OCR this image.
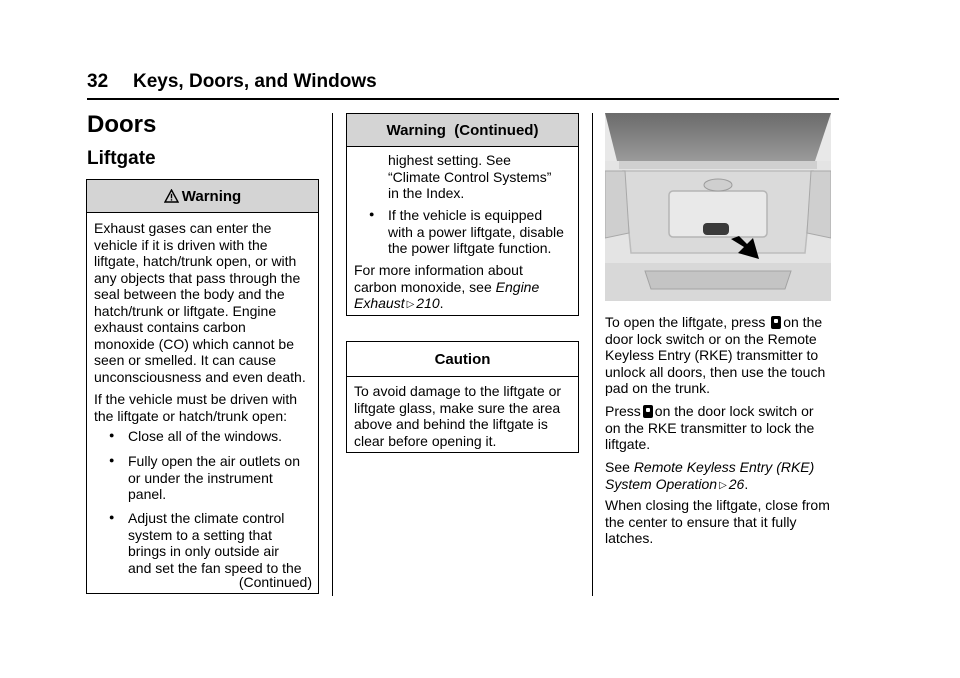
32 Keys, Doors, and Windows
Doors
Liftgate
Warning
Exhaust gases can enter the
vehicle if it is driven with the
liftgate, hatch/trunk open, or with
any objects that pass through the
seal between the body and the
hatch/trunk or liftgate. Engine
exhaust contains carbon
monoxide (CO) which cannot be
seen or smelled. It can cause
unconsciousness and even death.
If the vehicle must be driven with
the liftgate or hatch/trunk open:
● Close all of the windows.
● Fully open the air outlets on
or under the instrument
panel.
● Adjust the climate control
system to a setting that
brings in only outside air
and set the fan speed to the
(Continued)
Warning  (Continued)
highest setting. See
“Climate Control Systems”
in the Index.
● If the vehicle is equipped
with a power liftgate, disable
the power liftgate function.
For more information about
carbon monoxide, see Engine
Exhaust ▷ 210.
Caution
To avoid damage to the liftgate or
liftgate glass, make sure the area
above and behind the liftgate is
clear before opening it.
To open the liftgate, press on the
door lock switch or on the Remote
Keyless Entry (RKE) transmitter to
unlock all doors, then use the touch
pad on the trunk.
Press on the door lock switch or
on the RKE transmitter to lock the
liftgate.
See Remote Keyless Entry (RKE)
System Operation ▷ 26.
When closing the liftgate, close from
the center to ensure that it fully
latches.
